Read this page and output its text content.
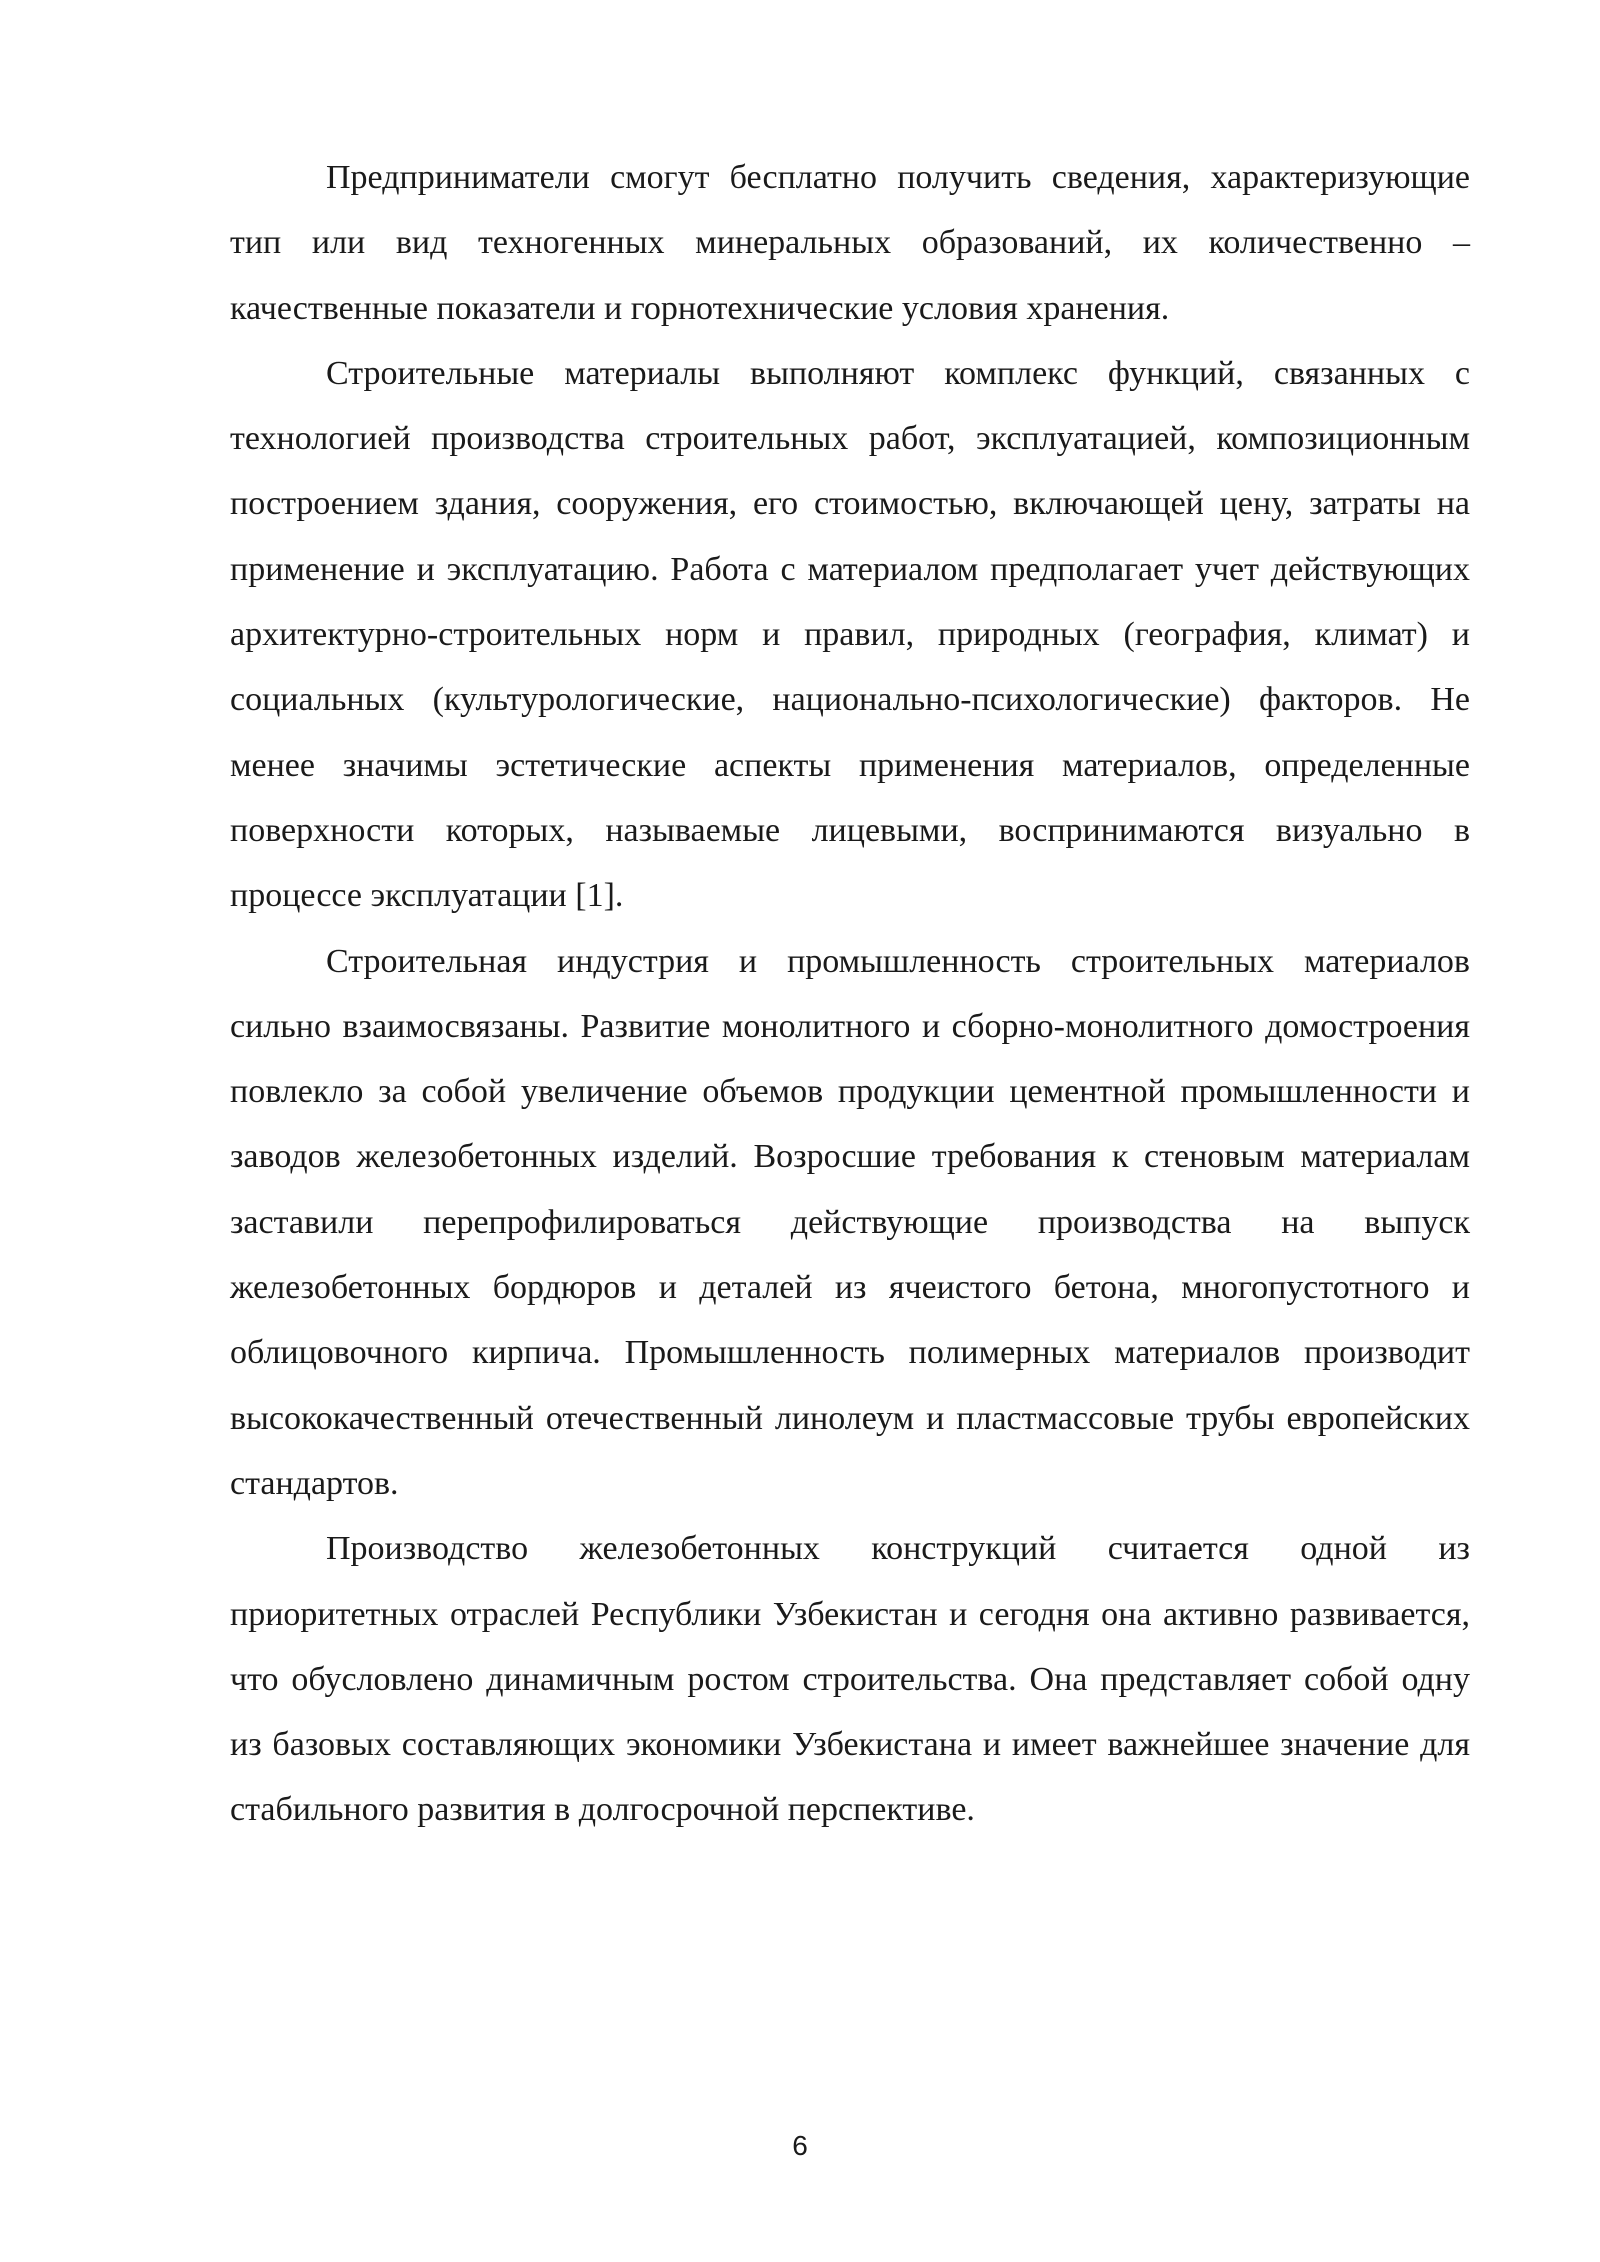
Предприниматели смогут бесплатно получить сведения, характеризующие тип или вид техногенных минеральных образований, их количественно – качественные показатели и горнотехнические условия хранения.

Строительные материалы выполняют комплекс функций, связанных с технологией производства строительных работ, эксплуатацией, композиционным построением здания, сооружения, его стоимостью, включающей цену, затраты на применение и эксплуатацию. Работа с материалом предполагает учет действующих архитектурно-строительных норм и правил, природных (география, климат) и социальных (культурологические, национально-психологические) факторов. Не менее значимы эстетические аспекты применения материалов, определенные поверхности которых, называемые лицевыми, воспринимаются визуально в процессе эксплуатации [1].

Строительная индустрия и промышленность строительных материалов сильно взаимосвязаны. Развитие монолитного и сборно-монолитного домостроения повлекло за собой увеличение объемов продукции цементной промышленности и заводов железобетонных изделий. Возросшие требования к стеновым материалам заставили перепрофилироваться действующие производства на выпуск железобетонных бордюров и деталей из ячеистого бетона, многопустотного и облицовочного кирпича. Промышленность полимерных материалов производит высококачественный отечественный линолеум и пластмассовые трубы европейских стандартов.

Производство железобетонных конструкций считается одной из приоритетных отраслей Республики Узбекистан и сегодня она активно развивается, что обусловлено динамичным ростом строительства. Она представляет собой одну из базовых составляющих экономики Узбекистана и имеет важнейшее значение для стабильного развития в долгосрочной перспективе.

6
